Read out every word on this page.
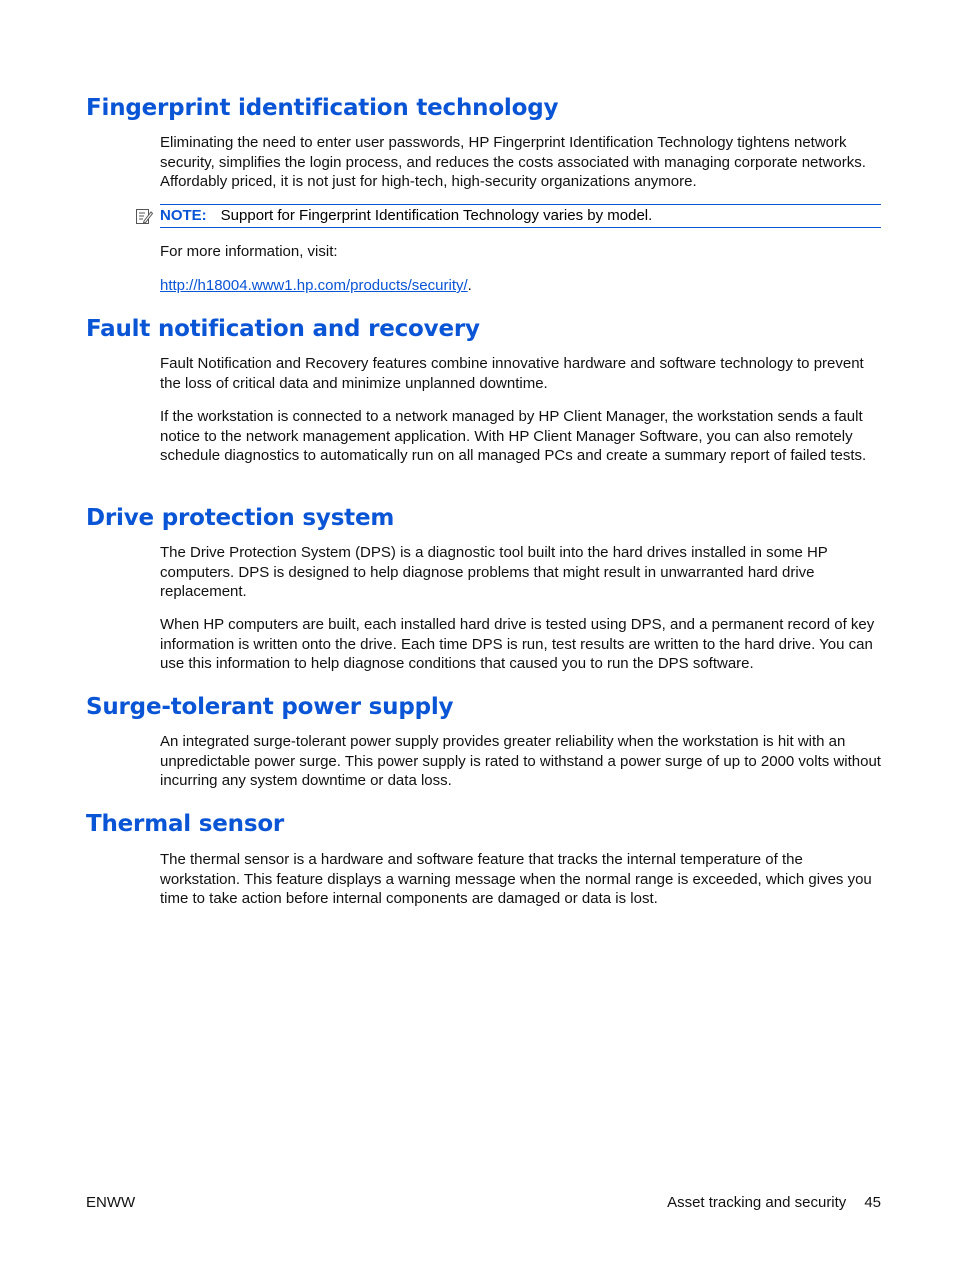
Fingerprint identification technology

Eliminating the need to enter user passwords, HP Fingerprint Identification Technology tightens network security, simplifies the login process, and reduces the costs associated with managing corporate networks. Affordably priced, it is not just for high-tech, high-security organizations anymore.

NOTE: Support for Fingerprint Identification Technology varies by model.

For more information, visit:

http://h18004.www1.hp.com/products/security/.

Fault notification and recovery

Fault Notification and Recovery features combine innovative hardware and software technology to prevent the loss of critical data and minimize unplanned downtime.

If the workstation is connected to a network managed by HP Client Manager, the workstation sends a fault notice to the network management application. With HP Client Manager Software, you can also remotely schedule diagnostics to automatically run on all managed PCs and create a summary report of failed tests.

Drive protection system

The Drive Protection System (DPS) is a diagnostic tool built into the hard drives installed in some HP computers. DPS is designed to help diagnose problems that might result in unwarranted hard drive replacement.

When HP computers are built, each installed hard drive is tested using DPS, and a permanent record of key information is written onto the drive. Each time DPS is run, test results are written to the hard drive. You can use this information to help diagnose conditions that caused you to run the DPS software.

Surge-tolerant power supply

An integrated surge-tolerant power supply provides greater reliability when the workstation is hit with an unpredictable power surge. This power supply is rated to withstand a power surge of up to 2000 volts without incurring any system downtime or data loss.

Thermal sensor

The thermal sensor is a hardware and software feature that tracks the internal temperature of the workstation. This feature displays a warning message when the normal range is exceeded, which gives you time to take action before internal components are damaged or data is lost.

ENWW	Asset tracking and security 45
